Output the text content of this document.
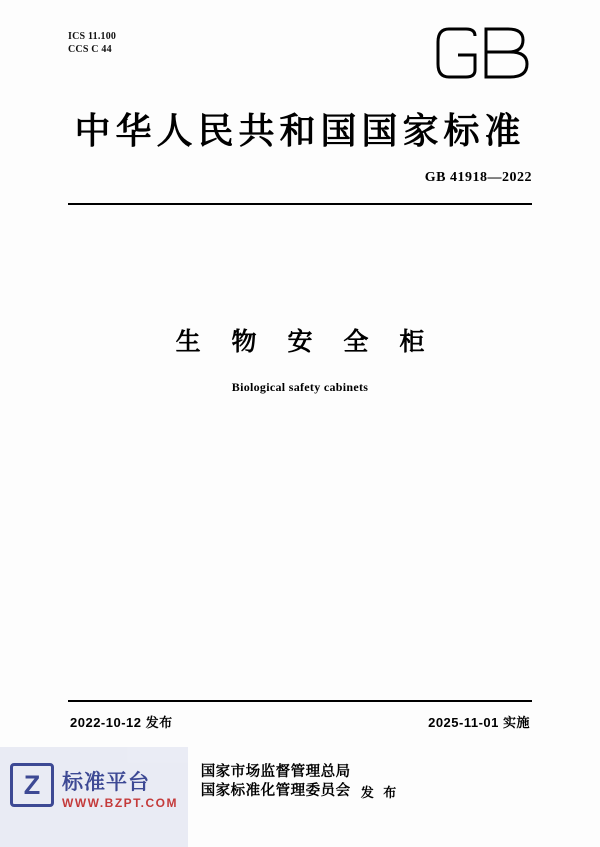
ICS 11.100
CCS C 44
中华人民共和国国家标准
GB 41918—2022
生 物 安 全 柜
Biological safety cabinets
2022-10-12 发布	2025-11-01 实施
国家市场监督管理总局
国家标准化管理委员会 发 布
Z	标准平台
WWW.BZPT.COM
